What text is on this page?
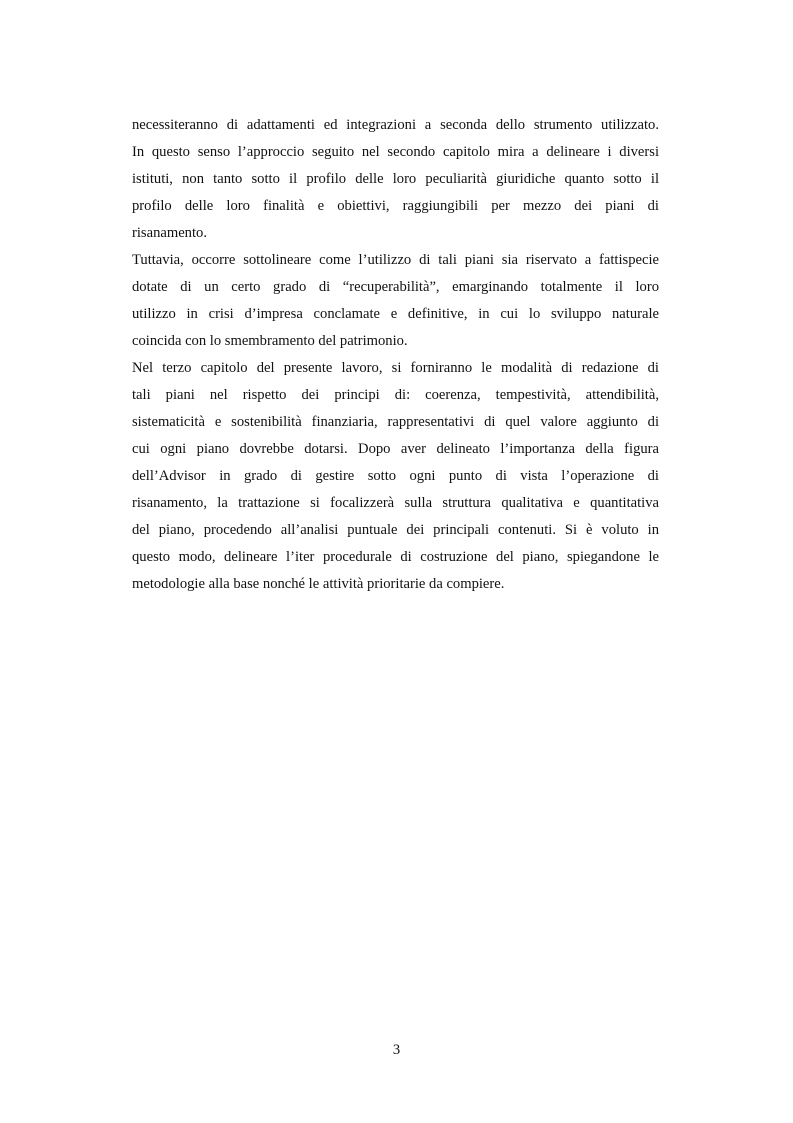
necessiteranno di adattamenti ed integrazioni a seconda dello strumento utilizzato.
In questo senso l’approccio seguito nel secondo capitolo mira a delineare i diversi
istituti, non tanto sotto il profilo delle loro peculiarità giuridiche quanto sotto il
profilo delle loro finalità e obiettivi, raggiungibili per mezzo dei piani di
risanamento.
Tuttavia, occorre sottolineare come l’utilizzo di tali piani sia riservato a fattispecie
dotate di un certo grado di “recuperabilità”, emarginando totalmente il loro
utilizzo in crisi d’impresa conclamate e definitive, in cui lo sviluppo naturale
coincida con lo smembramento del patrimonio.
Nel terzo capitolo del presente lavoro, si forniranno le modalità di redazione di
tali piani nel rispetto dei principi di: coerenza, tempestività, attendibilità,
sistematicità e sostenibilità finanziaria, rappresentativi di quel valore aggiunto di
cui ogni piano dovrebbe dotarsi. Dopo aver delineato l’importanza della figura
dell’Advisor in grado di gestire sotto ogni punto di vista l’operazione di
risanamento, la trattazione si focalizzerà sulla struttura qualitativa e quantitativa
del piano, procedendo all’analisi puntuale dei principali contenuti. Si è voluto in
questo modo, delineare l’iter procedurale di costruzione del piano, spiegandone le
metodologie alla base nonché le attività prioritarie da compiere.
3
